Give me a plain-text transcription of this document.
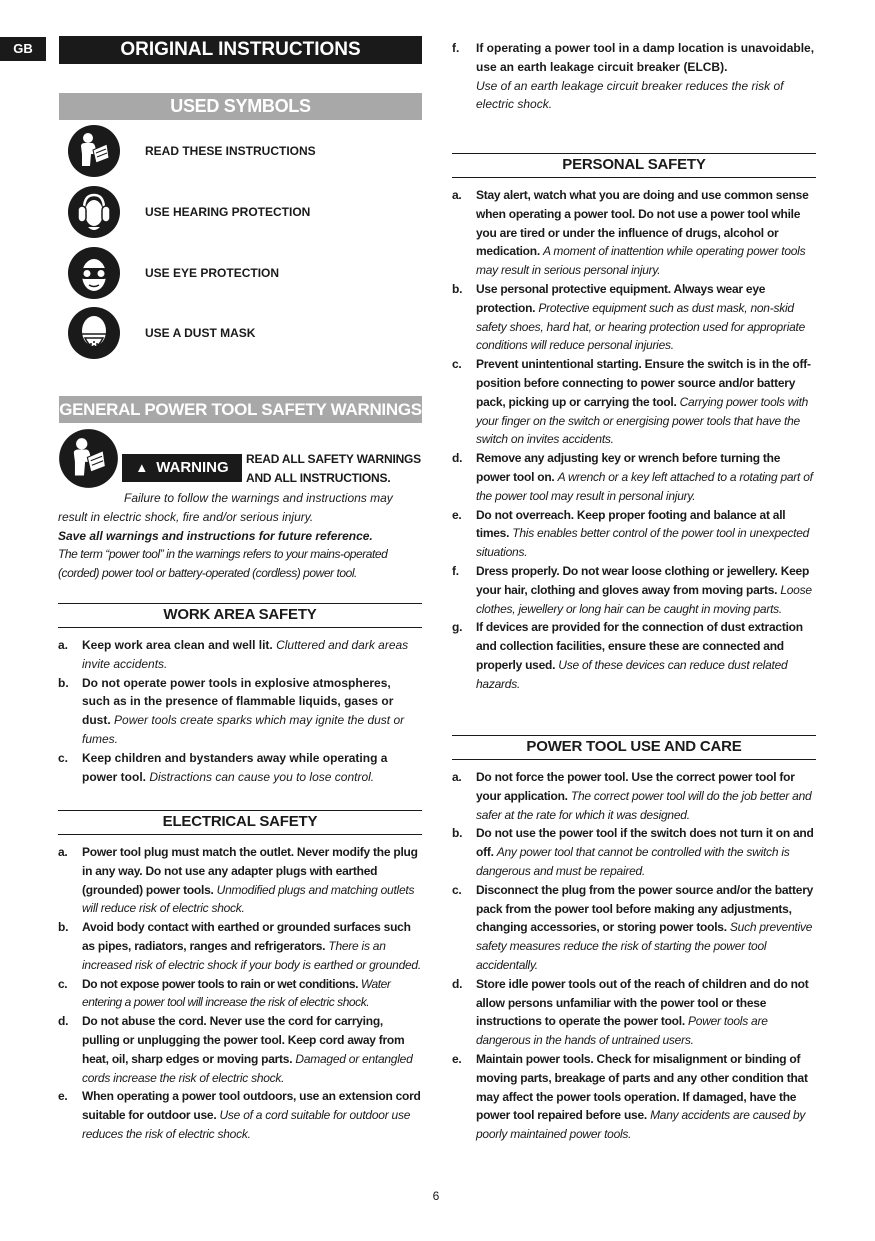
GB	ORIGINAL INSTRUCTIONS
USED SYMBOLS
READ THESE INSTRUCTIONS
USE HEARING PROTECTION
USE EYE PROTECTION
USE A DUST MASK
GENERAL POWER TOOL SAFETY WARNINGS
▲ WARNING	READ ALL SAFETY WARNINGS AND ALL INSTRUCTIONS.

Failure to follow the warnings and instructions may result in electric shock, fire and/or serious injury.

Save all warnings and instructions for future reference.

The term “power tool” in the warnings refers to your mains-operated (corded) power tool or battery-operated (cordless) power tool.

WORK AREA SAFETY
a. Keep work area clean and well lit. Cluttered and dark areas invite accidents.
b. Do not operate power tools in explosive atmospheres, such as in the presence of flammable liquids, gases or dust. Power tools create sparks which may ignite the dust or fumes.
c. Keep children and bystanders away while operating a power tool. Distractions can cause you to lose control.
ELECTRICAL SAFETY
a. Power tool plug must match the outlet. Never modify the plug in any way. Do not use any adapter plugs with earthed (grounded) power tools. Unmodified plugs and matching outlets will reduce risk of electric shock.
b. Avoid body contact with earthed or grounded surfaces such as pipes, radiators, ranges and refrigerators. There is an increased risk of electric shock if your body is earthed or grounded.
c. Do not expose power tools to rain or wet conditions. Water entering a power tool will increase the risk of electric shock.
d. Do not abuse the cord. Never use the cord for carrying, pulling or unplugging the power tool. Keep cord away from heat, oil, sharp edges or moving parts. Damaged or entangled cords increase the risk of electric shock.
e. When operating a power tool outdoors, use an extension cord suitable for outdoor use. Use of a cord suitable for outdoor use reduces the risk of electric shock.
f. If operating a power tool in a damp location is unavoidable, use an earth leakage circuit breaker (ELCB).
Use of an earth leakage circuit breaker reduces the risk of electric shock.
PERSONAL SAFETY
a. Stay alert, watch what you are doing and use common sense when operating a power tool. Do not use a power tool while you are tired or under the influence of drugs, alcohol or medication. A moment of inattention while operating power tools may result in serious personal injury.
b. Use personal protective equipment. Always wear eye protection. Protective equipment such as dust mask, non-skid safety shoes, hard hat, or hearing protection used for appropriate conditions will reduce personal injuries.
c. Prevent unintentional starting. Ensure the switch is in the off-position before connecting to power source and/or battery pack, picking up or carrying the tool. Carrying power tools with your finger on the switch or energising power tools that have the switch on invites accidents.
d. Remove any adjusting key or wrench before turning the power tool on. A wrench or a key left attached to a rotating part of the power tool may result in personal injury.
e. Do not overreach. Keep proper footing and balance at all times. This enables better control of the power tool in unexpected situations.
f. Dress properly. Do not wear loose clothing or jewellery. Keep your hair, clothing and gloves away from moving parts. Loose clothes, jewellery or long hair can be caught in moving parts.
g. If devices are provided for the connection of dust extraction and collection facilities, ensure these are connected and properly used. Use of these devices can reduce dust related hazards.
POWER TOOL USE AND CARE
a. Do not force the power tool. Use the correct power tool for your application. The correct power tool will do the job better and safer at the rate for which it was designed.
b. Do not use the power tool if the switch does not turn it on and off. Any power tool that cannot be controlled with the switch is dangerous and must be repaired.
c. Disconnect the plug from the power source and/or the battery pack from the power tool before making any adjustments, changing accessories, or storing power tools. Such preventive safety measures reduce the risk of starting the power tool accidentally.
d. Store idle power tools out of the reach of children and do not allow persons unfamiliar with the power tool or these instructions to operate the power tool. Power tools are dangerous in the hands of untrained users.
e. Maintain power tools. Check for misalignment or binding of moving parts, breakage of parts and any other condition that may affect the power tools operation. If damaged, have the power tool repaired before use. Many accidents are caused by poorly maintained power tools.
6
